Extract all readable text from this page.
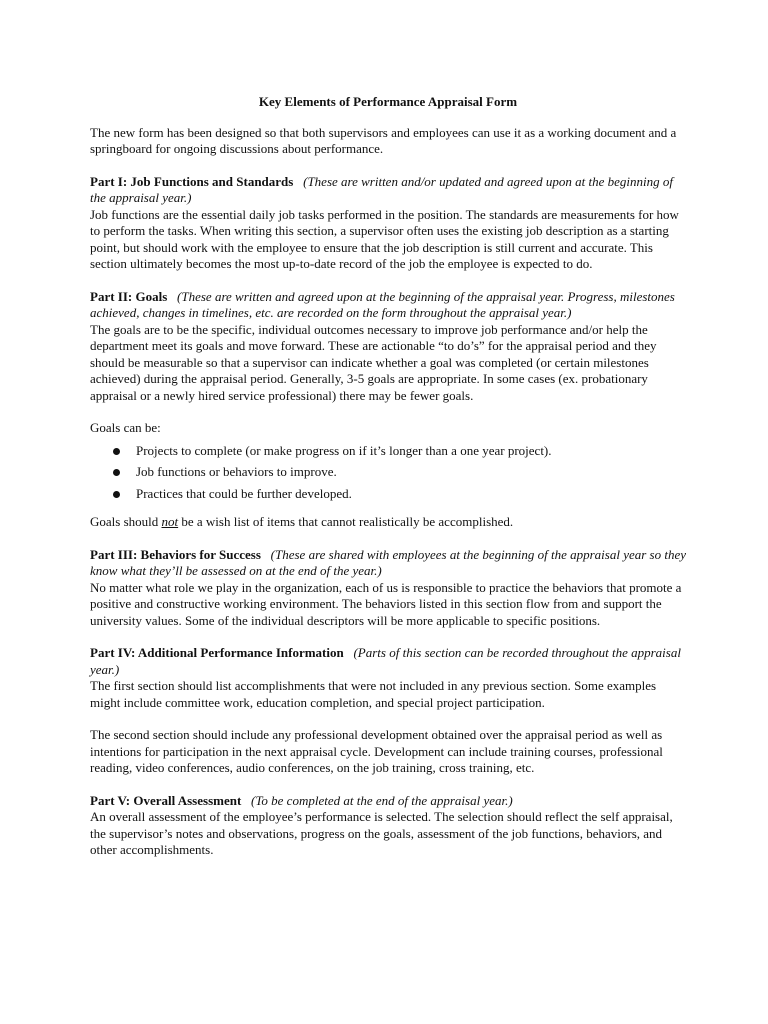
Key Elements of Performance Appraisal Form

The new form has been designed so that both supervisors and employees can use it as a working document and a springboard for ongoing discussions about performance.

Part I: Job Functions and Standards (These are written and/or updated and agreed upon at the beginning of the appraisal year.)
Job functions are the essential daily job tasks performed in the position. The standards are measurements for how to perform the tasks. When writing this section, a supervisor often uses the existing job description as a starting point, but should work with the employee to ensure that the job description is still current and accurate. This section ultimately becomes the most up-to-date record of the job the employee is expected to do.
Part II: Goals (These are written and agreed upon at the beginning of the appraisal year. Progress, milestones achieved, changes in timelines, etc. are recorded on the form throughout the appraisal year.)
The goals are to be the specific, individual outcomes necessary to improve job performance and/or help the department meet its goals and move forward. These are actionable “to do’s” for the appraisal period and they should be measurable so that a supervisor can indicate whether a goal was completed (or certain milestones achieved) during the appraisal period. Generally, 3-5 goals are appropriate. In some cases (ex. probationary appraisal or a newly hired service professional) there may be fewer goals.
Goals can be:
Projects to complete (or make progress on if it’s longer than a one year project).
Job functions or behaviors to improve.
Practices that could be further developed.

Goals should not be a wish list of items that cannot realistically be accomplished.

Part III: Behaviors for Success (These are shared with employees at the beginning of the appraisal year so they know what they’ll be assessed on at the end of the year.)
No matter what role we play in the organization, each of us is responsible to practice the behaviors that promote a positive and constructive working environment. The behaviors listed in this section flow from and support the university values. Some of the individual descriptors will be more applicable to specific positions.
Part IV: Additional Performance Information (Parts of this section can be recorded throughout the appraisal year.)
The first section should list accomplishments that were not included in any previous section. Some examples might include committee work, education completion, and special project participation.

The second section should include any professional development obtained over the appraisal period as well as intentions for participation in the next appraisal cycle. Development can include training courses, professional reading, video conferences, audio conferences, on the job training, cross training, etc.

Part V: Overall Assessment (To be completed at the end of the appraisal year.)
An overall assessment of the employee’s performance is selected. The selection should reflect the self appraisal, the supervisor’s notes and observations, progress on the goals, assessment of the job functions, behaviors, and other accomplishments.
